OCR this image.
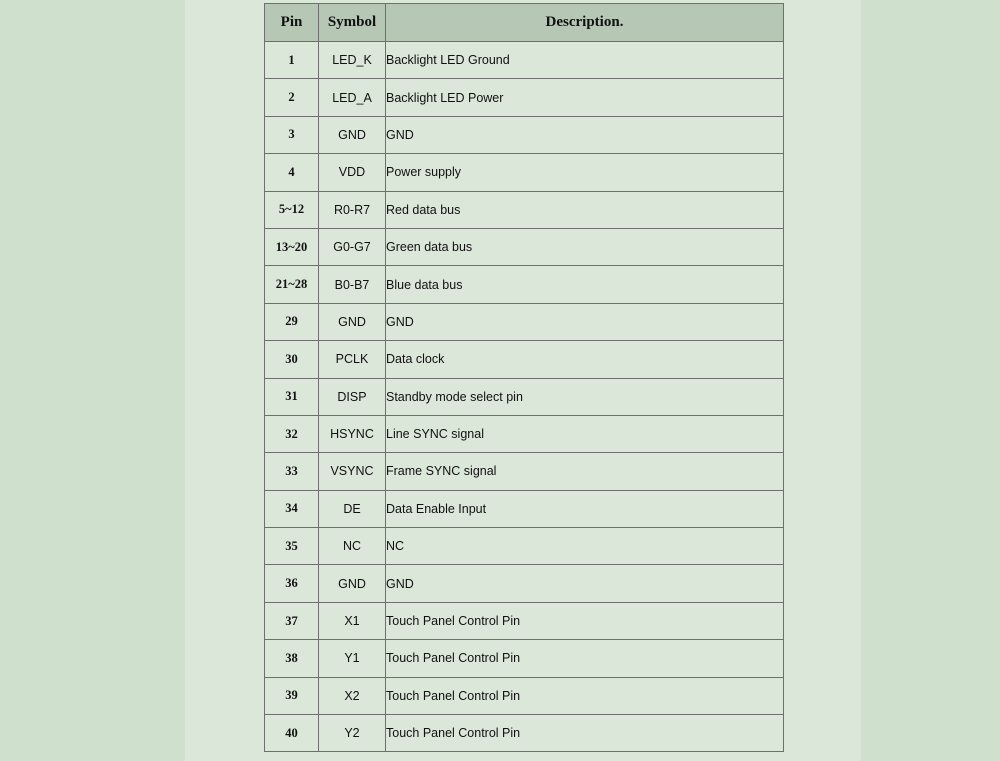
Pin	Symbol	Description.
1	LED_K	Backlight LED Ground
2	LED_A	Backlight LED Power
3	GND	GND
4	VDD	Power supply
5~12	R0-R7	Red data bus
13~20	G0-G7	Green data bus
21~28	B0-B7	Blue data bus
29	GND	GND
30	PCLK	Data clock
31	DISP	Standby mode select pin
32	HSYNC	Line SYNC signal
33	VSYNC	Frame SYNC signal
34	DE	Data Enable Input
35	NC	NC
36	GND	GND
37	X1	Touch Panel Control Pin
38	Y1	Touch Panel Control Pin
39	X2	Touch Panel Control Pin
40	Y2	Touch Panel Control Pin
